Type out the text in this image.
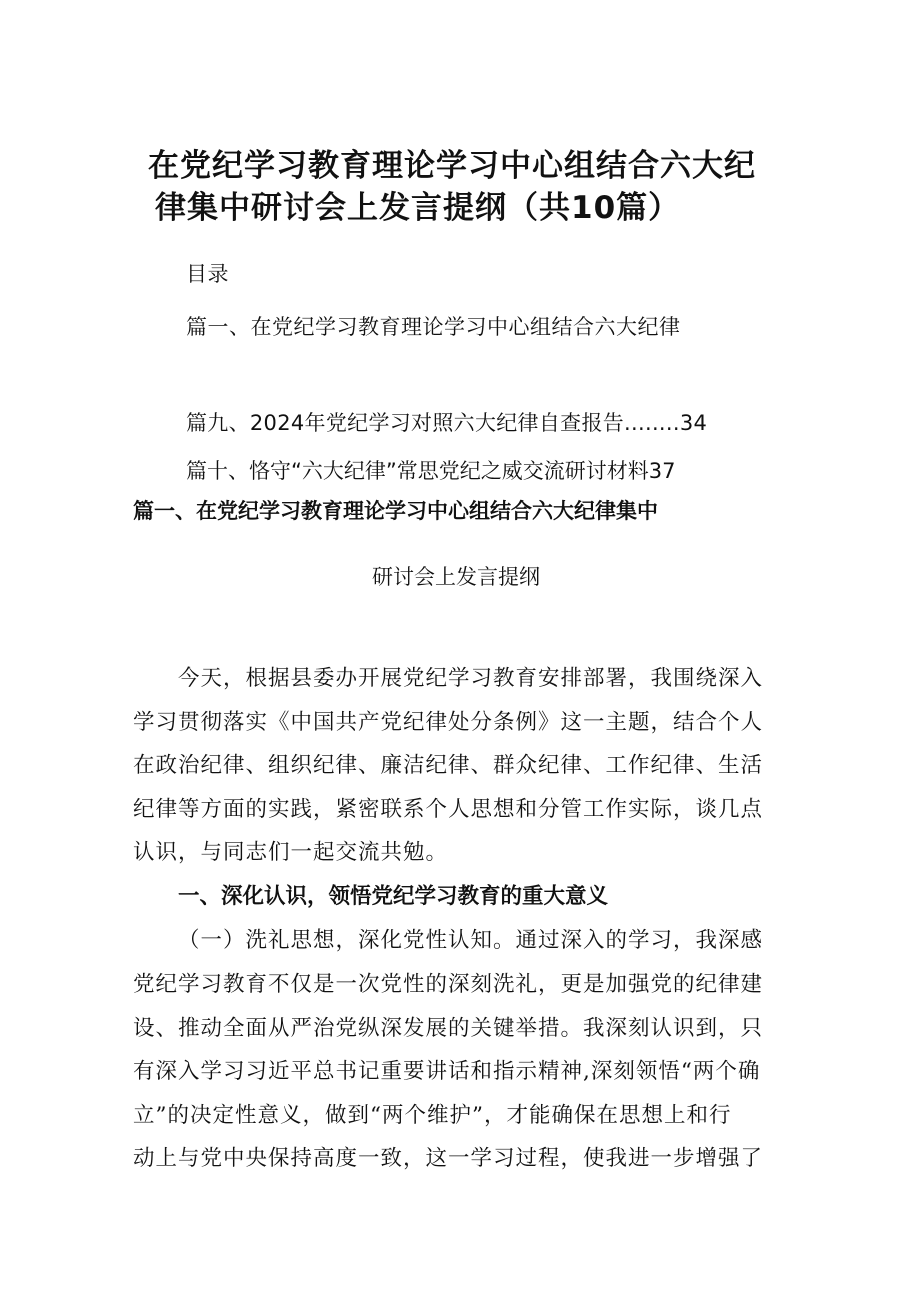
在党纪学习教育理论学习中心组结合六大纪
律集中研讨会上发言提纲（共10篇）
目录
篇一、在党纪学习教育理论学习中心组结合六大纪律
篇九、2024年党纪学习对照六大纪律自查报告........34
篇十、恪守“六大纪律”常思党纪之威交流研讨材料37
篇一、在党纪学习教育理论学习中心组结合六大纪律集中
研讨会上发言提纲
今天，根据县委办开展党纪学习教育安排部署，我围绕深入
学习贯彻落实《中国共产党纪律处分条例》这一主题，结合个人
在政治纪律、组织纪律、廉洁纪律、群众纪律、工作纪律、生活
纪律等方面的实践，紧密联系个人思想和分管工作实际，谈几点
认识，与同志们一起交流共勉。
一、深化认识，领悟党纪学习教育的重大意义
（一）洗礼思想，深化党性认知。通过深入的学习，我深感
党纪学习教育不仅是一次党性的深刻洗礼，更是加强党的纪律建
设、推动全面从严治党纵深发展的关键举措。我深刻认识到，只
有深入学习习近平总书记重要讲话和指示精神,深刻领悟“两个确
立”的决定性意义，做到“两个维护”，才能确保在思想上和行
动上与党中央保持高度一致，这一学习过程，使我进一步增强了
